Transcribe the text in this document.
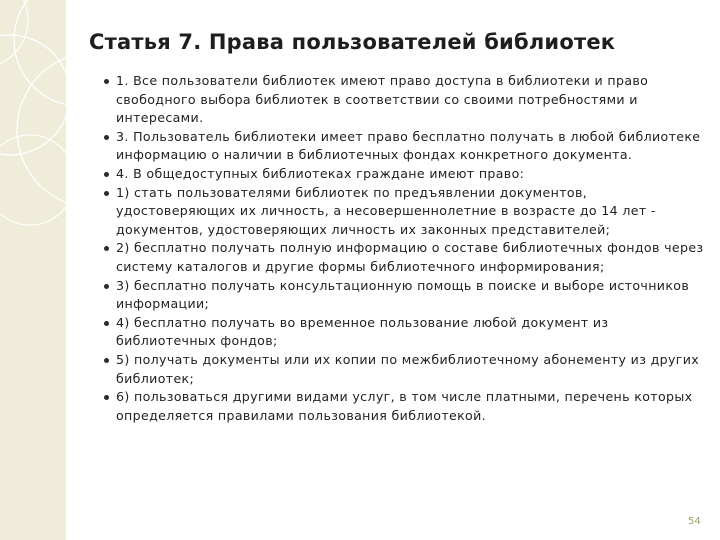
Статья 7. Права пользователей библиотек
1. Все пользователи библиотек имеют право доступа в библиотеки и право свободного выбора библиотек в соответствии со своими потребностями и интересами.
3. Пользователь библиотеки имеет право бесплатно получать в любой библиотеке информацию о наличии в библиотечных фондах конкретного документа.
4. В общедоступных библиотеках граждане имеют право:
1) стать пользователями библиотек по предъявлении документов, удостоверяющих их личность, а несовершеннолетние в возрасте до 14 лет - документов, удостоверяющих личность их законных представителей;
2) бесплатно получать полную информацию о составе библиотечных фондов через систему каталогов и другие формы библиотечного информирования;
3) бесплатно получать консультационную помощь в поиске и выборе источников информации;
4) бесплатно получать во временное пользование любой документ из библиотечных фондов;
5) получать документы или их копии по межбиблиотечному абонементу из других библиотек;
6) пользоваться другими видами услуг, в том числе платными, перечень которых определяется правилами пользования библиотекой.
54
